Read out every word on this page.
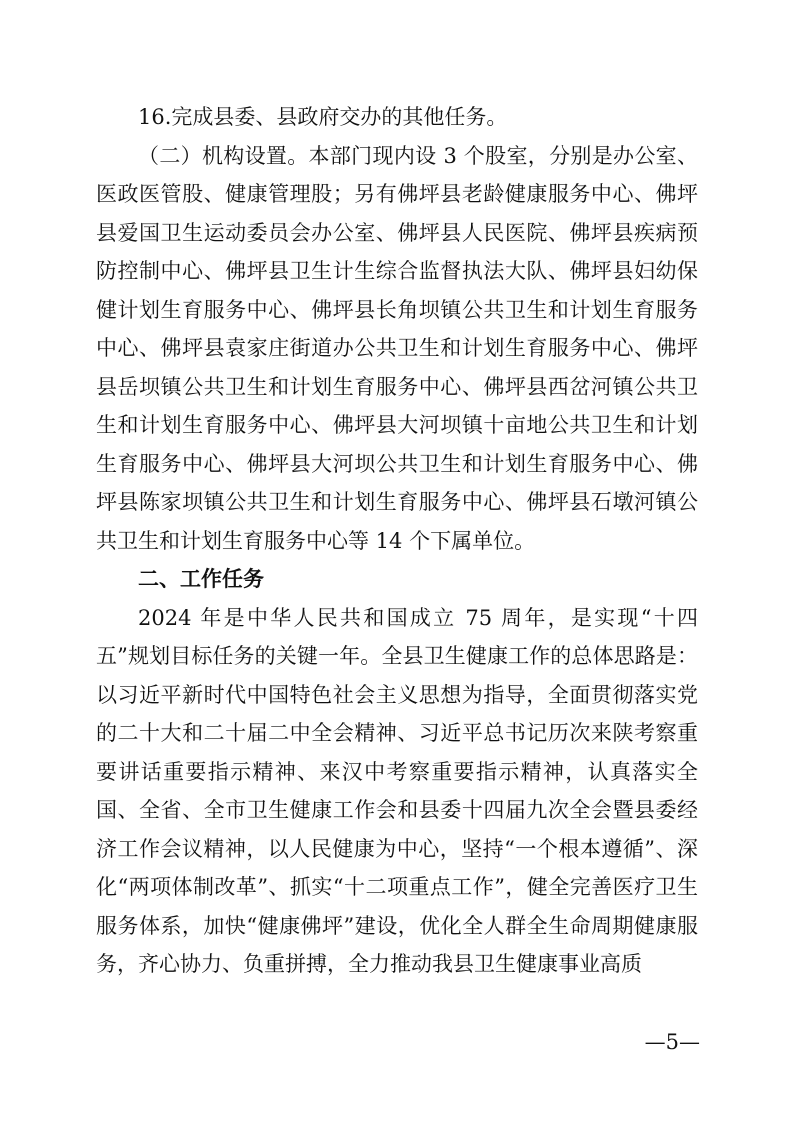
16.完成县委、县政府交办的其他任务。

（二）机构设置。本部门现内设 3 个股室，分别是办公室、医政医管股、健康管理股；另有佛坪县老龄健康服务中心、佛坪县爱国卫生运动委员会办公室、佛坪县人民医院、佛坪县疾病预防控制中心、佛坪县卫生计生综合监督执法大队、佛坪县妇幼保健计划生育服务中心、佛坪县长角坝镇公共卫生和计划生育服务中心、佛坪县袁家庄街道办公共卫生和计划生育服务中心、佛坪县岳坝镇公共卫生和计划生育服务中心、佛坪县西岔河镇公共卫生和计划生育服务中心、佛坪县大河坝镇十亩地公共卫生和计划生育服务中心、佛坪县大河坝公共卫生和计划生育服务中心、佛坪县陈家坝镇公共卫生和计划生育服务中心、佛坪县石墩河镇公共卫生和计划生育服务中心等 14 个下属单位。

二、工作任务

2024 年是中华人民共和国成立 75 周年，是实现“十四五”规划目标任务的关键一年。全县卫生健康工作的总体思路是：以习近平新时代中国特色社会主义思想为指导，全面贯彻落实党的二十大和二十届二中全会精神、习近平总书记历次来陕考察重要讲话重要指示精神、来汉中考察重要指示精神，认真落实全国、全省、全市卫生健康工作会和县委十四届九次全会暨县委经济工作会议精神，以人民健康为中心，坚持“一个根本遵循”、深化“两项体制改革”、抓实“十二项重点工作”，健全完善医疗卫生服务体系，加快“健康佛坪”建设，优化全人群全生命周期健康服务，齐心协力、负重拼搏，全力推动我县卫生健康事业高质

—5—
